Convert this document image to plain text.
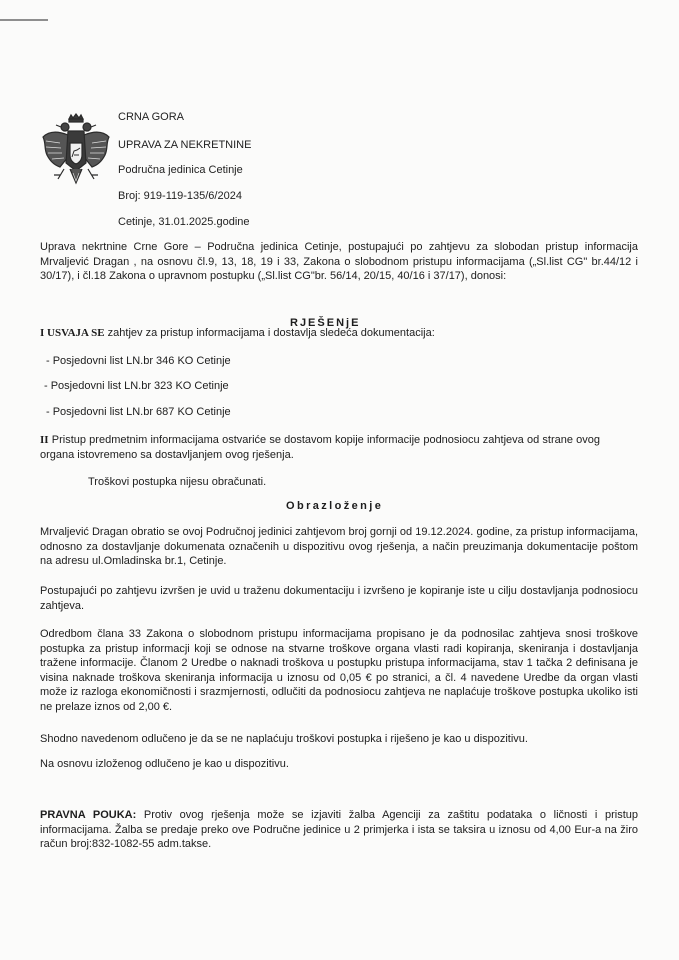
CRNA GORA
UPRAVA ZA NEKRETNINE
Područna jedinica Cetinje
Broj: 919-119-135/6/2024
Cetinje, 31.01.2025.godine
Uprava nekrtnine Crne Gore – Područna jedinica Cetinje, postupajući po zahtjevu za slobodan pristup informacija Mrvaljević Dragan , na osnovu čl.9, 13, 18, 19 i 33, Zakona o slobodnom pristupu informacijama („Sl.list CG" br.44/12 i 30/17), i čl.18 Zakona o upravnom postupku („Sl.list CG"br. 56/14, 20/15, 40/16 i 37/17), donosi:
RJEŠENjE
I USVAJA SE zahtjev za pristup informacijama i dostavlja sledeća dokumentacija:
- Posjedovni list LN.br 346 KO Cetinje
- Posjedovni list LN.br 323 KO Cetinje
- Posjedovni list LN.br 687 KO Cetinje
II Pristup predmetnim informacijama ostvariće se dostavom kopije informacije podnosiocu zahtjeva od strane ovog organa istovremeno sa dostavljanjem ovog rješenja.
Troškovi postupka nijesu obračunati.
Obrazloženje
Mrvaljević Dragan obratio se ovoj Područnoj jedinici zahtjevom broj gornji od 19.12.2024. godine, za pristup informacijama, odnosno za dostavljanje dokumenata označenih u dispozitivu ovog rješenja, a način preuzimanja dokumentacije poštom na adresu ul.Omladinska br.1, Cetinje.
Postupajući po zahtjevu izvršen je uvid u traženu dokumentaciju i izvršeno je kopiranje iste u cilju dostavljanja podnosiocu zahtjeva.
Odredbom člana 33 Zakona o slobodnom pristupu informacijama propisano je da podnosilac zahtjeva snosi troškove postupka za pristup informacji koji se odnose na stvarne troškove organa vlasti radi kopiranja, skeniranja i dostavljanja tražene informacije. Članom 2 Uredbe o naknadi troškova u postupku pristupa informacijama, stav 1 tačka 2 definisana je visina naknade troškova skeniranja informacija u iznosu od 0,05 € po stranici, a čl. 4 navedene Uredbe da organ vlasti može iz razloga ekonomičnosti i srazmjernosti, odlučiti da podnosiocu zahtjeva ne naplaćuje troškove postupka ukoliko isti ne prelaze iznos od 2,00 €.
Shodno navedenom odlučeno je da se ne naplaćuju troškovi postupka i riješeno je kao u dispozitivu.
Na osnovu izloženog odlučeno je kao u dispozitivu.
PRAVNA POUKA: Protiv ovog rješenja može se izjaviti žalba Agenciji za zaštitu podataka o ličnosti i pristup informacijama. Žalba se predaje preko ove Područne jedinice u 2 primjerka i ista se taksira u iznosu od 4,00 Eur-a na žiro račun broj:832-1082-55 adm.takse.
